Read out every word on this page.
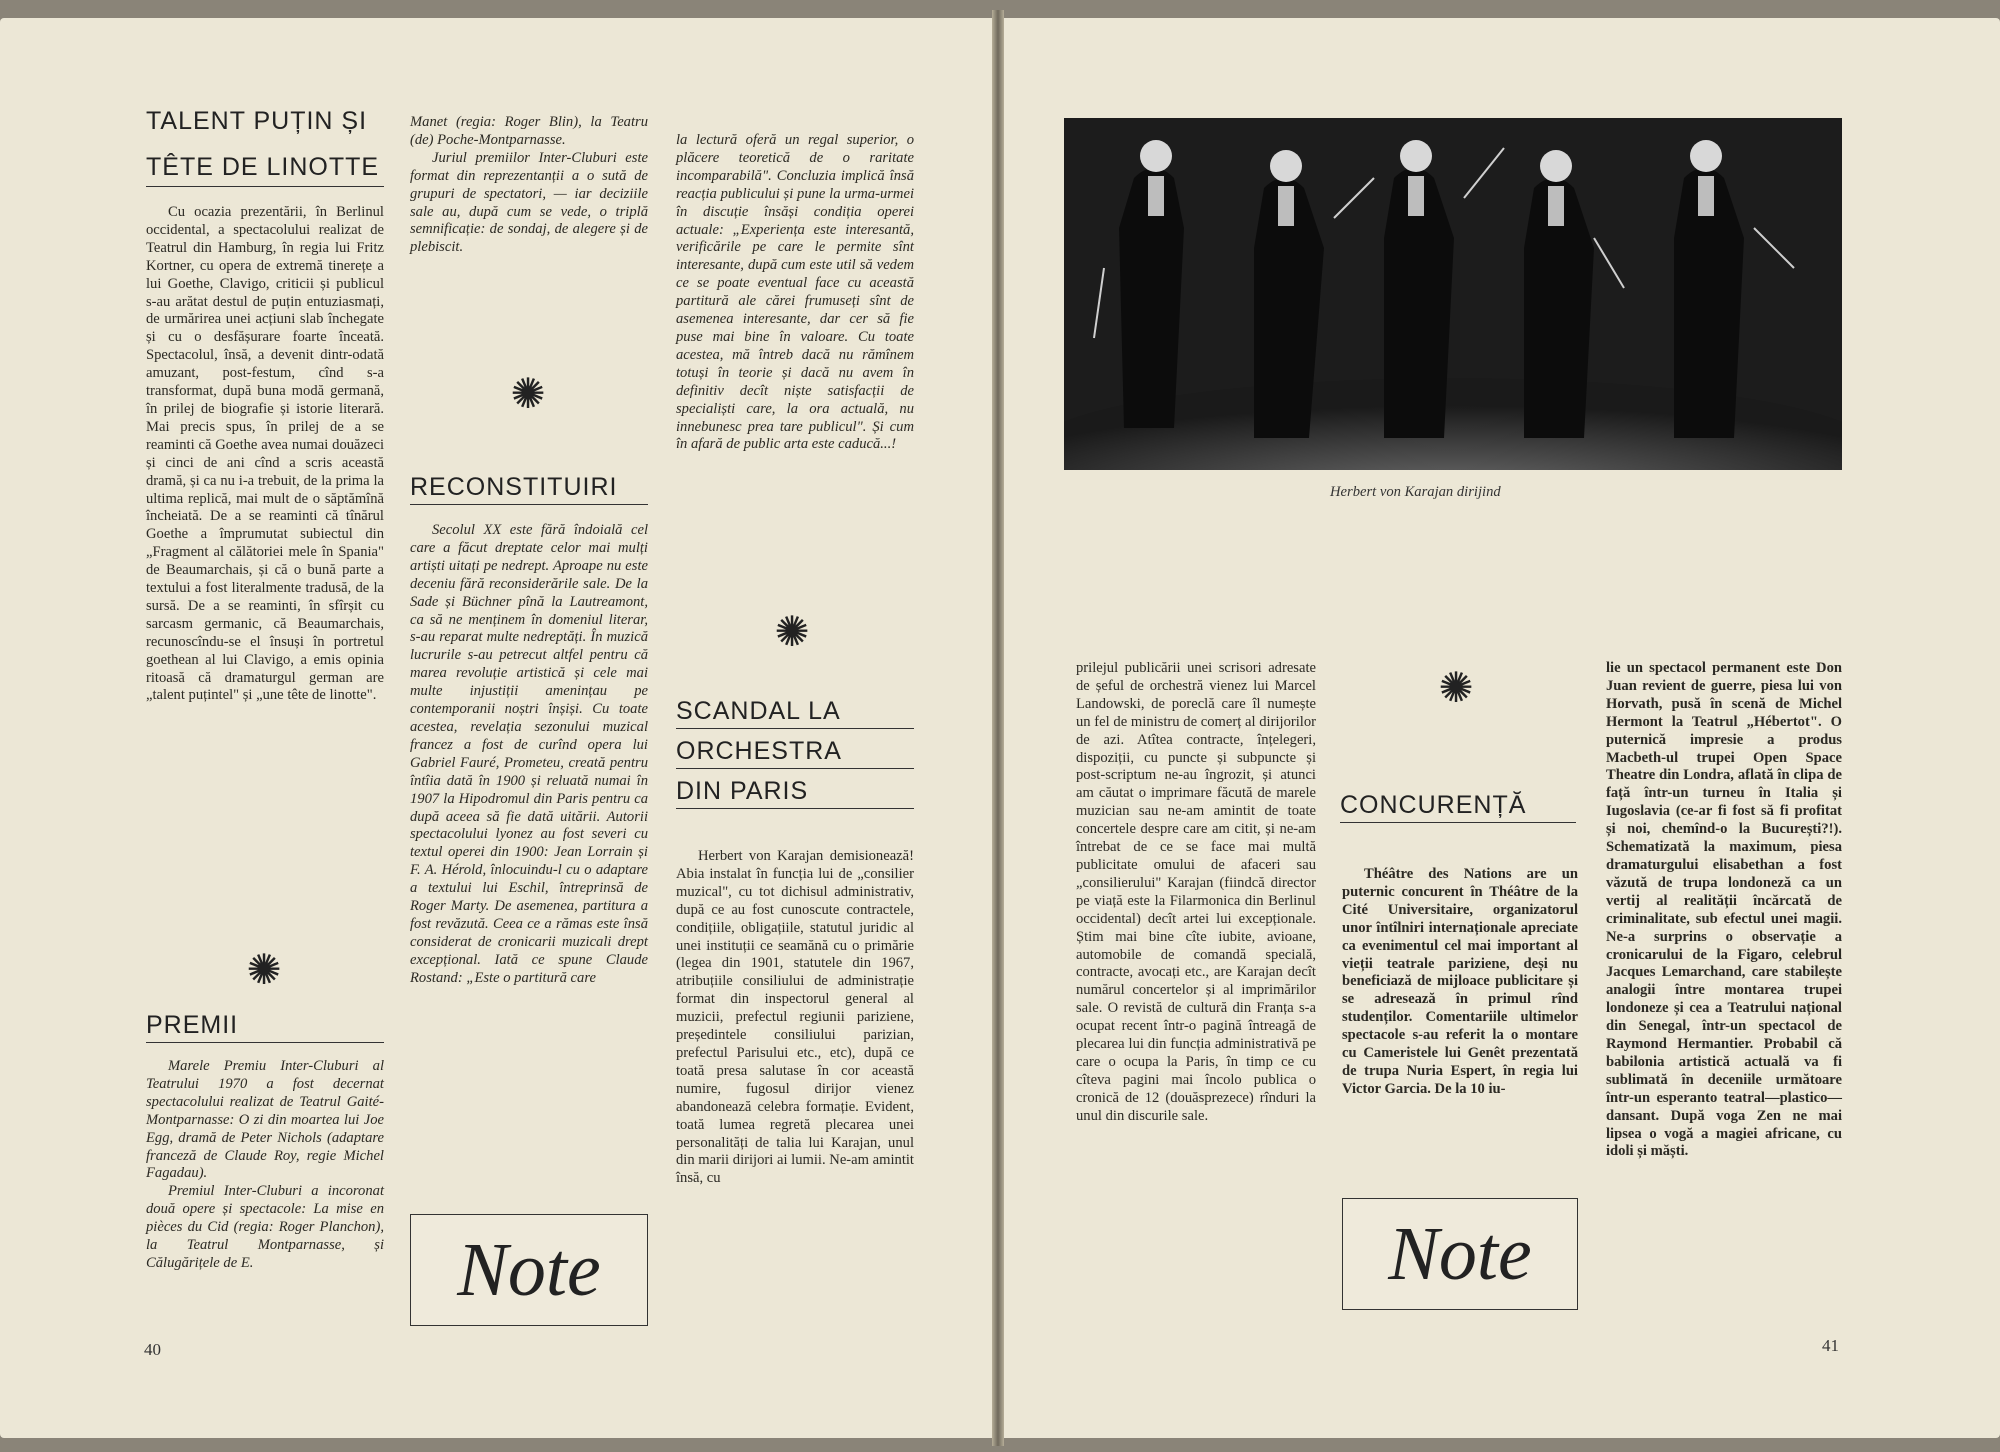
TALENT PUȚIN ȘI
TÊTE DE LINOTTE

Cu ocazia prezentării, în Berlinul occidental, a spectacolului realizat de Teatrul din Hamburg, în regia lui Fritz Kortner, cu opera de extremă tinerețe a lui Goethe, Clavigo, criticii și publicul s-au arătat destul de puțin entuziasmați, de urmărirea unei acțiuni slab închegate și cu o desfășurare foarte înceată. Spectacolul, însă, a devenit dintr-odată amuzant, post-festum, cînd s-a transformat, după buna modă germană, în prilej de biografie și istorie literară. Mai precis spus, în prilej de a se reaminti că Goethe avea numai douăzeci și cinci de ani cînd a scris această dramă, și ca nu i-a trebuit, de la prima la ultima replică, mai mult de o săptămînă încheiată. De a se reaminti că tînărul Goethe a împrumutat subiectul din „Fragment al călătoriei mele în Spania" de Beaumarchais, și că o bună parte a textului a fost literalmente tradusă, de la sursă. De a se reaminti, în sfîrșit cu sarcasm germanic, că Beaumarchais, recunoscîndu-se el însuși în portretul goethean al lui Clavigo, a emis opinia ritoasă că dramaturgul german are „talent puțintel" și „une tête de linotte".

✺
PREMII

Marele Premiu Inter-Cluburi al Teatrului 1970 a fost decernat spectacolului realizat de Teatrul Gaité-Montparnasse: O zi din moartea lui Joe Egg, dramă de Peter Nichols (adaptare franceză de Claude Roy, regie Michel Fagadau).

Premiul Inter-Cluburi a incoronat două opere și spectacole: La mise en pièces du Cid (regia: Roger Planchon), la Teatrul Montparnasse, și Călugărițele de E.

40

Manet (regia: Roger Blin), la Teatru (de) Poche-Montparnasse.

Juriul premiilor Inter-Cluburi este format din reprezentanții a o sută de grupuri de spectatori, — iar deciziile sale au, după cum se vede, o triplă semnificație: de sondaj, de alegere și de plebiscit.

✺
RECONSTITUIRI

Secolul XX este fără îndoială cel care a făcut dreptate celor mai mulți artiști uitați pe nedrept. Aproape nu este deceniu fără reconsiderările sale. De la Sade și Büchner pînă la Lautreamont, ca să ne menținem în domeniul literar, s-au reparat multe nedreptăți. În muzică lucrurile s-au petrecut altfel pentru că marea revoluție artistică și cele mai multe injustiții amenințau pe contemporanii noștri înșiși. Cu toate acestea, revelația sezonului muzical francez a fost de curînd opera lui Gabriel Fauré, Prometeu, creată pentru întîia dată în 1900 și reluată numai în 1907 la Hipodromul din Paris pentru ca după aceea să fie dată uitării. Autorii spectacolului lyonez au fost severi cu textul operei din 1900: Jean Lorrain și F. A. Hérold, înlocuindu-l cu o adaptare a textului lui Eschil, întreprinsă de Roger Marty. De asemenea, partitura a fost revăzută. Ceea ce a rămas este însă considerat de cronicarii muzicali drept excepțional. Iată ce spune Claude Rostand: „Este o partitură care

Note

la lectură oferă un regal superior, o plăcere teoretică de o raritate incomparabilă". Concluzia implică însă reacția publicului și pune la urma-urmei în discuție însăși condiția operei actuale: „Experiența este interesantă, verificările pe care le permite sînt interesante, după cum este util să vedem ce se poate eventual face cu această partitură ale cărei frumuseți sînt de asemenea interesante, dar cer să fie puse mai bine în valoare. Cu toate acestea, mă întreb dacă nu rămînem totuși în teorie și dacă nu avem în definitiv decît niște satisfacții de specialiști care, la ora actuală, nu innebunesc prea tare publicul". Și cum în afară de public arta este caducă...!

✺
SCANDAL LA
ORCHESTRA
DIN PARIS

Herbert von Karajan demisionează! Abia instalat în funcția lui de „consilier muzical", cu tot dichisul administrativ, după ce au fost cunoscute contractele, condițiile, obligațiile, statutul juridic al unei instituții ce seamănă cu o primărie (legea din 1901, statutele din 1967, atribuțiile consiliului de administrație format din inspectorul general al muzicii, prefectul regiunii pariziene, președintele consiliului parizian, prefectul Parisului etc., etc), după ce toată presa salutase în cor această numire, fugosul dirijor vienez abandonează celebra formație. Evident, toată lumea regretă plecarea unei personalități de talia lui Karajan, unul din marii dirijori ai lumii. Ne-am amintit însă, cu

Herbert von Karajan dirijind

prilejul publicării unei scrisori adresate de șeful de orchestră vienez lui Marcel Landowski, de poreclă care îl numește un fel de ministru de comerț al dirijorilor de azi. Atîtea contracte, înțelegeri, dispoziții, cu puncte și subpuncte și post-scriptum ne-au îngrozit, și atunci am căutat o imprimare făcută de marele muzician sau ne-am amintit de toate concertele despre care am citit, și ne-am întrebat de ce se face mai multă publicitate omului de afaceri sau „consilierului" Karajan (fiindcă director pe viață este la Filarmonica din Berlinul occidental) decît artei lui excepționale. Știm mai bine cîte iubite, avioane, automobile de comandă specială, contracte, avocați etc., are Karajan decît numărul concertelor și al imprimărilor sale. O revistă de cultură din Franța s-a ocupat recent într-o pagină întreagă de plecarea lui din funcția administrativă pe care o ocupa la Paris, în timp ce cu cîteva pagini mai încolo publica o cronică de 12 (douăsprezece) rînduri la unul din discurile sale.

✺
CONCURENȚĂ

Théâtre des Nations are un puternic concurent în Théâtre de la Cité Universitaire, organizatorul unor întîlniri internaționale apreciate ca evenimentul cel mai important al vieții teatrale pariziene, deși nu beneficiază de mijloace publicitare și se adresează în primul rînd studenților. Comentariile ultimelor spectacole s-au referit la o montare cu Cameristele lui Genêt prezentată de trupa Nuria Espert, în regia lui Victor Garcia. De la 10 iu-

Note

lie un spectacol permanent este Don Juan revient de guerre, piesa lui von Horvath, pusă în scenă de Michel Hermont la Teatrul „Hébertot". O puternică impresie a produs Macbeth-ul trupei Open Space Theatre din Londra, aflată în clipa de față într-un turneu în Italia și Iugoslavia (ce-ar fi fost să fi profitat și noi, chemînd-o la București?!). Schematizată la maximum, piesa dramaturgului elisabethan a fost văzută de trupa londoneză ca un vertij al realității încărcată de criminalitate, sub efectul unei magii. Ne-a surprins o observație a cronicarului de la Figaro, celebrul Jacques Lemarchand, care stabilește analogii între montarea trupei londoneze și cea a Teatrului național din Senegal, într-un spectacol de Raymond Hermantier. Probabil că babilonia artistică actuală va fi sublimată în deceniile următoare într-un esperanto teatral—plastico—dansant. După voga Zen ne mai lipsea o vogă a magiei africane, cu idoli și măști.

41
